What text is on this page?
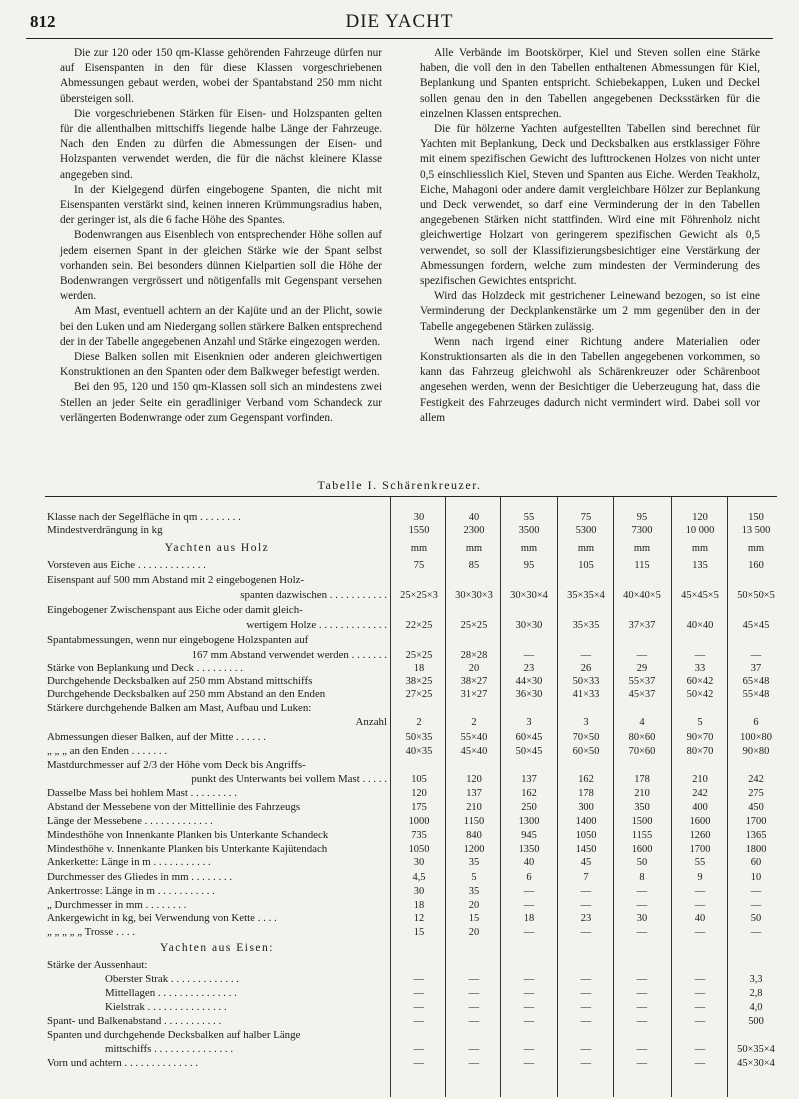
812	DIE YACHT

Die zur 120 oder 150 qm-Klasse gehörenden Fahrzeuge dürfen nur auf Eisenspanten in den für diese Klassen vorgeschriebenen Abmessungen gebaut werden, wobei der Spantabstand 250 mm nicht übersteigen soll.

Die vorgeschriebenen Stärken für Eisen- und Holzspanten gelten für die allenthalben mittschiffs liegende halbe Länge der Fahrzeuge. Nach den Enden zu dürfen die Abmessungen der Eisen- und Holzspanten verwendet werden, die für die nächst kleinere Klasse angegeben sind.

In der Kielgegend dürfen eingebogene Spanten, die nicht mit Eisenspanten verstärkt sind, keinen inneren Krümmungsradius haben, der geringer ist, als die 6 fache Höhe des Spantes.

Bodenwrangen aus Eisenblech von entsprechender Höhe sollen auf jedem eisernen Spant in der gleichen Stärke wie der Spant selbst vorhanden sein. Bei besonders dünnen Kielpartien soll die Höhe der Bodenwrangen vergrössert und nötigenfalls mit Gegenspant versehen werden.

Am Mast, eventuell achtern an der Kajüte und an der Plicht, sowie bei den Luken und am Niedergang sollen stärkere Balken entsprechend der in der Tabelle angegebenen Anzahl und Stärke eingezogen werden.

Diese Balken sollen mit Eisenknien oder anderen gleichwertigen Konstruktionen an den Spanten oder dem Balkweger befestigt werden.

Bei den 95, 120 und 150 qm-Klassen soll sich an mindestens zwei Stellen an jeder Seite ein geradliniger Verband vom Schandeck zur verlängerten Bodenwrange oder zum Gegenspant vorfinden.

Alle Verbände im Bootskörper, Kiel und Steven sollen eine Stärke haben, die voll den in den Tabellen enthaltenen Abmessungen für Kiel, Beplankung und Spanten entspricht. Schiebekappen, Luken und Deckel sollen genau den in den Tabellen angegebenen Decksstärken für die einzelnen Klassen entsprechen.

Die für hölzerne Yachten aufgestellten Tabellen sind berechnet für Yachten mit Beplankung, Deck und Decksbalken aus erstklassiger Föhre mit einem spezifischen Gewicht des lufttrockenen Holzes von nicht unter 0,5 einschliesslich Kiel, Steven und Spanten aus Eiche. Werden Teakholz, Eiche, Mahagoni oder andere damit vergleichbare Hölzer zur Beplankung und Deck verwendet, so darf eine Verminderung der in den Tabellen angegebenen Stärken nicht stattfinden. Wird eine mit Föhrenholz nicht gleichwertige Holzart von geringerem spezifischen Gewicht als 0,5 verwendet, so soll der Klassifizierungsbesichtiger eine Verstärkung der Abmessungen fordern, welche zum mindesten der Verminderung des spezifischen Gewichtes entspricht.

Wird das Holzdeck mit gestrichener Leinewand bezogen, so ist eine Verminderung der Deckplankenstärke um 2 mm gegenüber den in der Tabelle angegebenen Stärken zulässig.

Wenn nach irgend einer Richtung andere Materialien oder Konstruktionsarten als die in den Tabellen angegebenen vorkommen, so kann das Fahrzeug gleichwohl als Schärenkreuzer oder Schärenboot angesehen werden, wenn der Besichtiger die Ueberzeugung hat, dass die Festigkeit des Fahrzeuges dadurch nicht vermindert wird. Dabei soll vor allem

Tabelle I. Schärenkreuzer.
Klasse nach der Segelfläche in qm . . . . . . . .	30	40	55	75	95	120	150
Mindestverdrängung in kg	1550	2300	3500	5300	7300	10 000	13 500
Yachten aus Holz	mm	mm	mm	mm	mm	mm	mm
Vorsteven aus Eiche . . . . . . . . . . . . .	75	85	95	105	115	135	160
Eisenspant auf 500 mm Abstand mit 2 eingebogenen Holz-
spanten dazwischen . . . . . . . . . . .	25×25×3	30×30×3	30×30×4	35×35×4	40×40×5	45×45×5	50×50×5
Eingebogener Zwischenspant aus Eiche oder damit gleich-
wertigem Holze . . . . . . . . . . . . .	22×25	25×25	30×30	35×35	37×37	40×40	45×45
Spantabmessungen, wenn nur eingebogene Holzspanten auf
167 mm Abstand verwendet werden . . . . . . .	25×25	28×28	—	—	—	—	—
Stärke von Beplankung und Deck . . . . . . . . .	18	20	23	26	29	33	37
Durchgehende Decksbalken auf 250 mm Abstand mittschiffs	38×25	38×27	44×30	50×33	55×37	60×42	65×48
Durchgehende Decksbalken auf 250 mm Abstand an den Enden	27×25	31×27	36×30	41×33	45×37	50×42	55×48
Stärkere durchgehende Balken am Mast, Aufbau und Luken:
Anzahl	2	2	3	3	4	5	6
Abmessungen dieser Balken, auf der Mitte . . . . . .	50×35	55×40	60×45	70×50	80×60	90×70	100×80
„ „ „ an den Enden . . . . . . .	40×35	45×40	50×45	60×50	70×60	80×70	90×80
Mastdurchmesser auf 2/3 der Höhe vom Deck bis Angriffs-
punkt des Unterwants bei vollem Mast . . . . .	105	120	137	162	178	210	242
Dasselbe Mass bei hohlem Mast . . . . . . . . .	120	137	162	178	210	242	275
Abstand der Messebene von der Mittellinie des Fahrzeugs	175	210	250	300	350	400	450
Länge der Messebene . . . . . . . . . . . . .	1000	1150	1300	1400	1500	1600	1700
Mindesthöhe von Innenkante Planken bis Unterkante Schandeck	735	840	945	1050	1155	1260	1365
Mindesthöhe v. Innenkante Planken bis Unterkante Kajütendach	1050	1200	1350	1450	1600	1700	1800
Ankerkette: Länge in m . . . . . . . . . . .	30	35	40	45	50	55	60
Durchmesser des Gliedes in mm . . . . . . . .	4,5	5	6	7	8	9	10
Ankertrosse: Länge in m . . . . . . . . . . .	30	35	—	—	—	—	—
„ Durchmesser in mm . . . . . . . .	18	20	—	—	—	—	—
Ankergewicht in kg, bei Verwendung von Kette . . . .	12	15	18	23	30	40	50
„ „ „ „ „ Trosse . . . .	15	20	—	—	—	—	—
Yachten aus Eisen:
Stärke der Aussenhaut:
Oberster Strak . . . . . . . . . . . . .	—	—	—	—	—	—	3,3
Mittellagen . . . . . . . . . . . . . . .	—	—	—	—	—	—	2,8
Kielstrak . . . . . . . . . . . . . . .	—	—	—	—	—	—	4,0
Spant- und Balkenabstand . . . . . . . . . . .	—	—	—	—	—	—	500
Spanten und durchgehende Decksbalken auf halber Länge
mittschiffs . . . . . . . . . . . . . . .	—	—	—	—	—	—	50×35×4
Vorn und achtern . . . . . . . . . . . . . .	—	—	—	—	—	—	45×30×4
